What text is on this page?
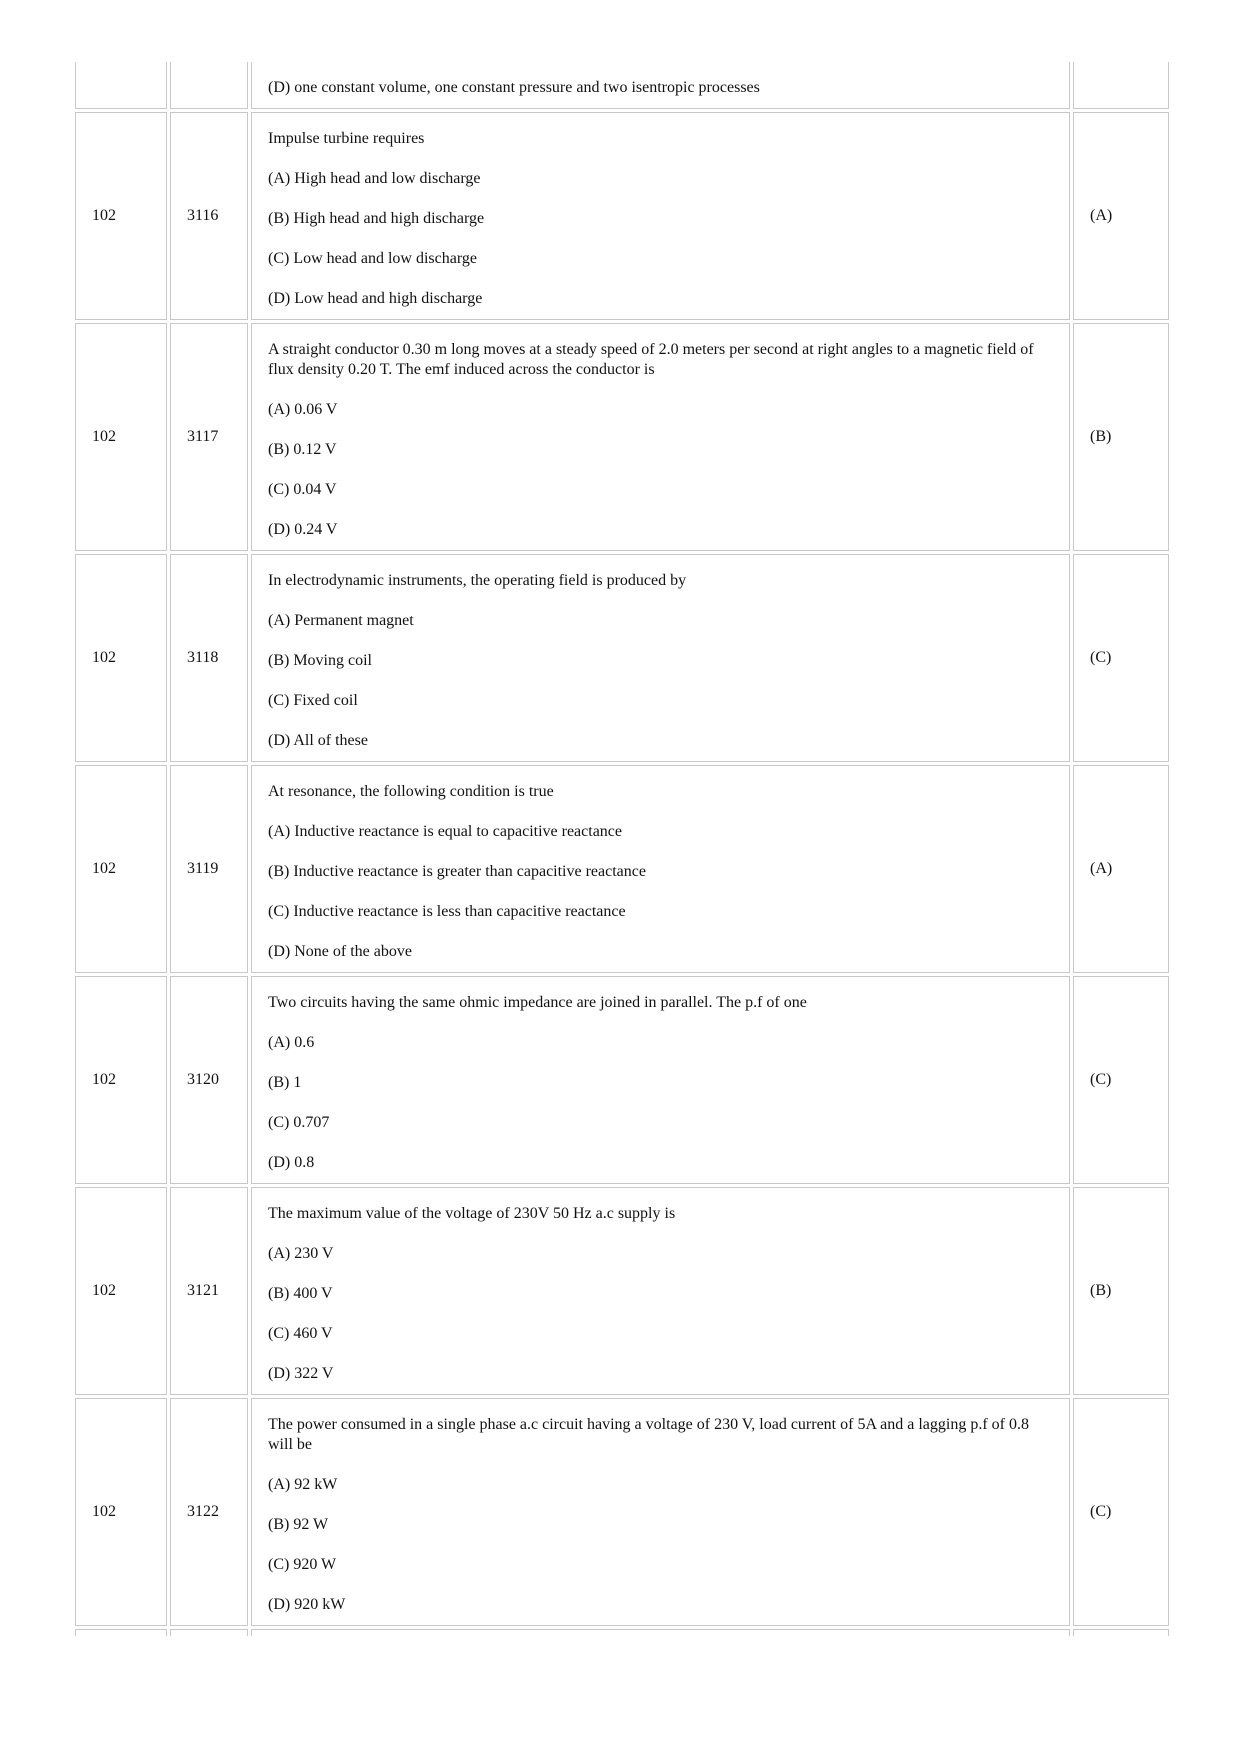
		(D) one constant volume, one constant pressure and two isentropic processes	

102	3116	Impulse turbine requires

(A) High head and low discharge

(B) High head and high discharge

(C) Low head and low discharge

(D) Low head and high discharge	(A)
102	3117	A straight conductor 0.30 m long moves at a steady speed of 2.0 meters per second at right angles to a magnetic field of flux density 0.20 T. The emf induced across the conductor is

(A) 0.06 V

(B) 0.12 V

(C) 0.04 V

(D) 0.24 V	(B)
102	3118	In electrodynamic instruments, the operating field is produced by

(A) Permanent magnet

(B) Moving coil

(C) Fixed coil

(D) All of these	(C)
102	3119	At resonance, the following condition is true

(A) Inductive reactance is equal to capacitive reactance

(B) Inductive reactance is greater than capacitive reactance

(C) Inductive reactance is less than capacitive reactance

(D) None of the above	(A)
102	3120	Two circuits having the same ohmic impedance are joined in parallel. The p.f of one

(A) 0.6

(B) 1

(C) 0.707

(D) 0.8	(C)
102	3121	The maximum value of the voltage of 230V 50 Hz a.c supply is

(A) 230 V

(B) 400 V

(C) 460 V

(D) 322 V	(B)
102	3122	The power consumed in a single phase a.c circuit having a voltage of 230 V, load current of 5A and a lagging p.f of 0.8 will be

(A) 92 kW

(B) 92 W

(C) 920 W

(D) 920 kW	(C)
